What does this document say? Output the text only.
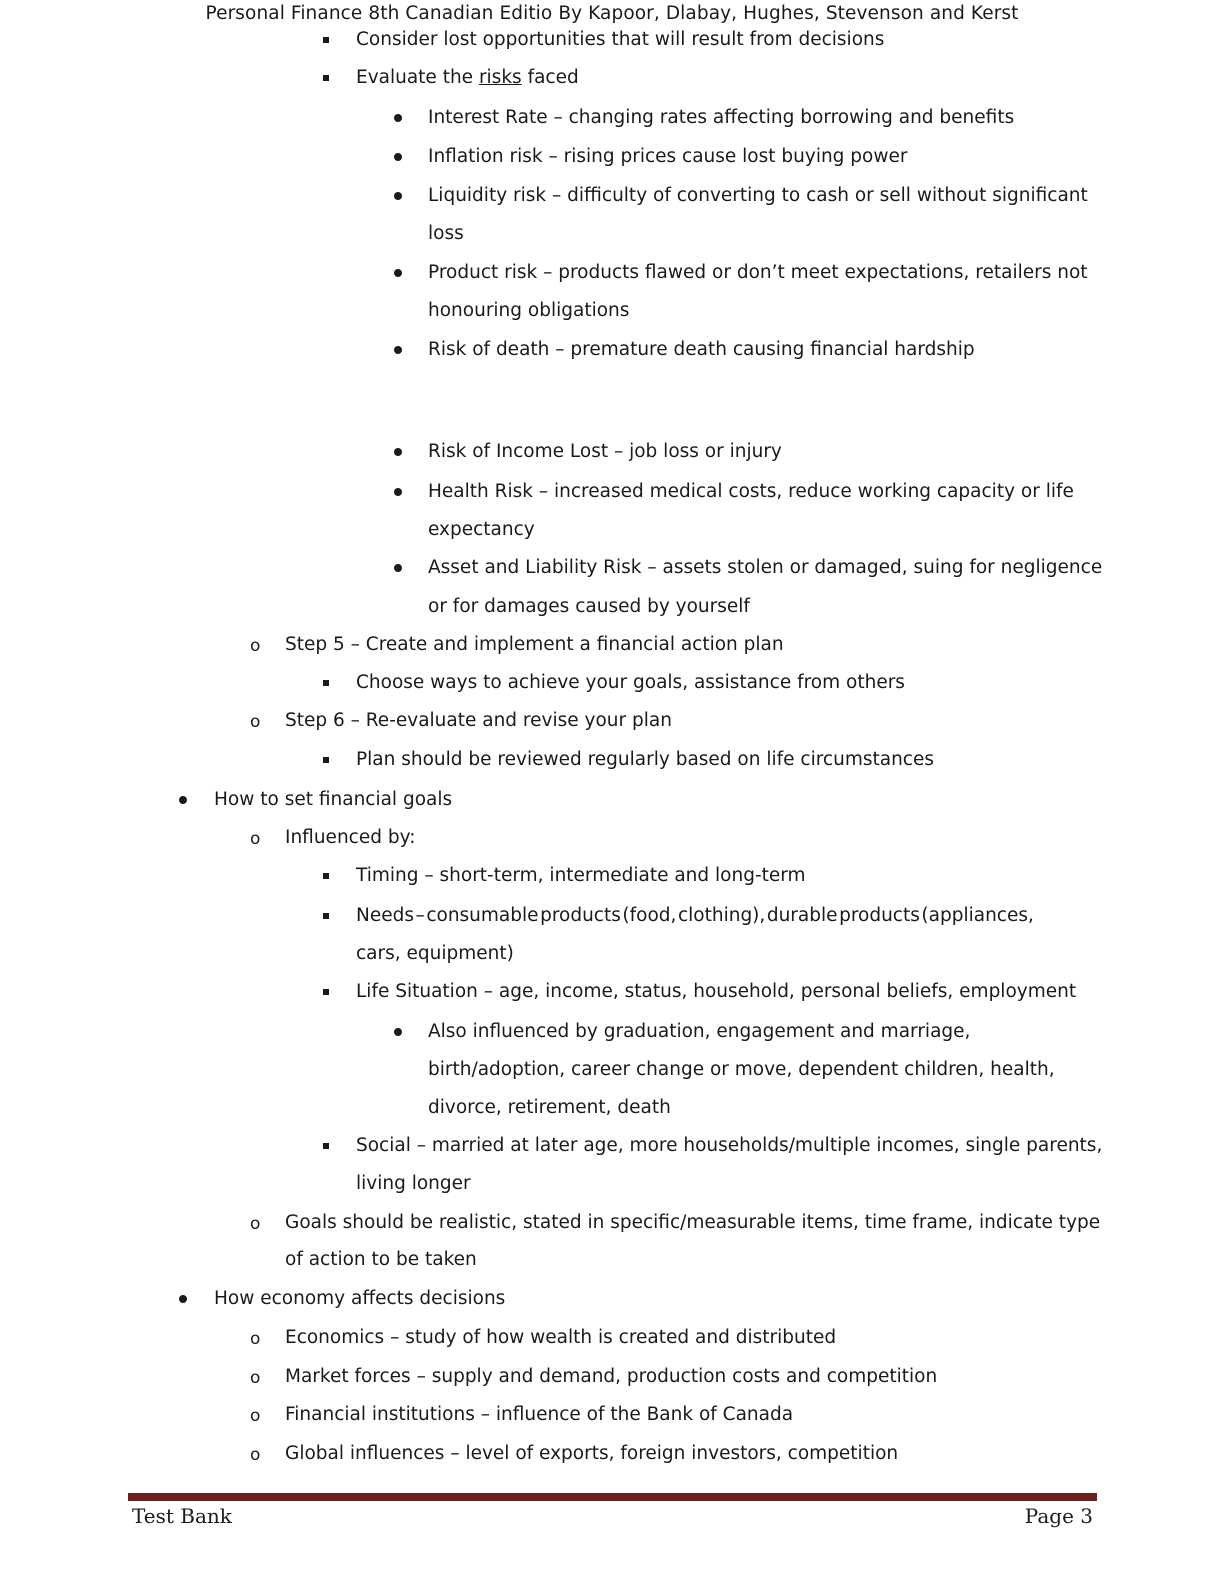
Personal Finance 8th Canadian Editio By Kapoor, Dlabay, Hughes, Stevenson and Kerst
Consider lost opportunities that will result from decisions
Evaluate the risks faced
Interest Rate – changing rates affecting borrowing and benefits
Inflation risk – rising prices cause lost buying power
Liquidity risk – difficulty of converting to cash or sell without significant
loss
Product risk – products flawed or don’t meet expectations, retailers not
honouring obligations
Risk of death – premature death causing financial hardship
Risk of Income Lost – job loss or injury
Health Risk – increased medical costs, reduce working capacity or life
expectancy
Asset and Liability Risk – assets stolen or damaged, suing for negligence
or for damages caused by yourself
o Step 5 – Create and implement a financial action plan
Choose ways to achieve your goals, assistance from others
o Step 6 – Re-evaluate and revise your plan
Plan should be reviewed regularly based on life circumstances
How to set financial goals
o Influenced by:
Timing – short-term, intermediate and long-term
Needs – consumable products (food, clothing), durable products (appliances,
cars, equipment)
Life Situation – age, income, status, household, personal beliefs, employment
Also influenced by graduation, engagement and marriage,
birth/adoption, career change or move, dependent children, health,
divorce, retirement, death
Social – married at later age, more households/multiple incomes, single parents,
living longer
o Goals should be realistic, stated in specific/measurable items, time frame, indicate type
of action to be taken
How economy affects decisions
o Economics – study of how wealth is created and distributed
o Market forces – supply and demand, production costs and competition
o Financial institutions – influence of the Bank of Canada
o Global influences – level of exports, foreign investors, competition
Test Bank	Page 3
